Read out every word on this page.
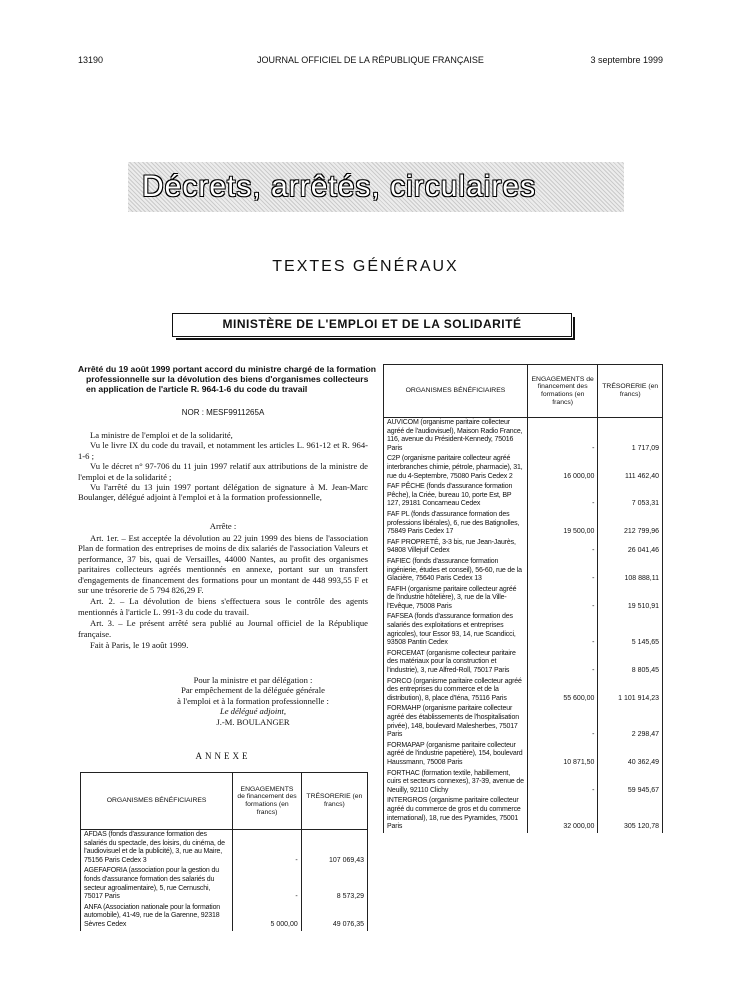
13190	JOURNAL OFFICIEL DE LA RÉPUBLIQUE FRANÇAISE	3 septembre 1999
Décrets, arrêtés, circulaires
TEXTES GÉNÉRAUX
MINISTÈRE DE L'EMPLOI ET DE LA SOLIDARITÉ
Arrêté du 19 août 1999 portant accord du ministre chargé de la formation professionnelle sur la dévolution des biens d'organismes collecteurs en application de l'article R. 964-1-6 du code du travail
NOR : MESF9911265A

La ministre de l'emploi et de la solidarité,

Vu le livre IX du code du travail, et notamment les articles L. 961-12 et R. 964-1-6 ;

Vu le décret n° 97-706 du 11 juin 1997 relatif aux attributions de la ministre de l'emploi et de la solidarité ;

Vu l'arrêté du 13 juin 1997 portant délégation de signature à M. Jean-Marc Boulanger, délégué adjoint à l'emploi et à la formation professionnelle,

Arrête :

Art. 1er. – Est acceptée la dévolution au 22 juin 1999 des biens de l'association Plan de formation des entreprises de moins de dix salariés de l'association Valeurs et performance, 37 bis, quai de Versailles, 44000 Nantes, au profit des organismes paritaires collecteurs agréés mentionnés en annexe, portant sur un transfert d'engagements de financement des formations pour un montant de 448 993,55 F et sur une trésorerie de 5 794 826,29 F.

Art. 2. – La dévolution de biens s'effectuera sous le contrôle des agents mentionnés à l'article L. 991-3 du code du travail.

Art. 3. – Le présent arrêté sera publié au Journal officiel de la République française.

Fait à Paris, le 19 août 1999.

Pour la ministre et par délégation :
Par empêchement de la déléguée générale
à l'emploi et à la formation professionnelle :
Le délégué adjoint,
J.-M. BOULANGER
ANNEXE
ORGANISMES BÉNÉFICIAIRES	ENGAGEMENTS de financement des formations (en francs)	TRÉSORERIE (en francs)
AFDAS (fonds d'assurance formation des salariés du spectacle, des loisirs, du cinéma, de l'audiovisuel et de la publicité), 3, rue au Maire, 75156 Paris Cedex 3	-	107 069,43
AGEFAFORIA (association pour la gestion du fonds d'assurance formation des salariés du secteur agroalimentaire), 5, rue Cernuschi, 75017 Paris	-	8 573,29
ANFA (Association nationale pour la formation automobile), 41-49, rue de la Garenne, 92318 Sèvres Cedex	5 000,00	49 076,35
ORGANISMES BÉNÉFICIAIRES	ENGAGEMENTS de financement des formations (en francs)	TRÉSORERIE (en francs)
AUVICOM (organisme paritaire collecteur agréé de l'audiovisuel), Maison Radio France, 116, avenue du Président-Kennedy, 75016 Paris	-	1 717,09
C2P (organisme paritaire collecteur agréé interbranches chimie, pétrole, pharmacie), 31, rue du 4-Septembre, 75080 Paris Cedex 2	16 000,00	111 462,40
FAF PÊCHE (fonds d'assurance formation Pêche), la Criée, bureau 10, porte Est, BP 127, 29181 Concarneau Cedex	-	7 053,31
FAF PL (fonds d'assurance formation des professions libérales), 6, rue des Batignolles, 75849 Paris Cedex 17	19 500,00	212 799,96
FAF PROPRETÉ, 3-3 bis, rue Jean-Jaurès, 94808 Villejuif Cedex	-	26 041,46
FAFIEC (fonds d'assurance formation ingénierie, études et conseil), 56-60, rue de la Glacière, 75640 Paris Cedex 13	-	108 888,11
FAFIH (organisme paritaire collecteur agréé de l'industrie hôtelière), 3, rue de la Ville-l'Evêque, 75008 Paris	-	19 510,91
FAFSEA (fonds d'assurance formation des salariés des exploitations et entreprises agricoles), tour Essor 93, 14, rue Scandicci, 93508 Pantin Cedex	-	5 145,65
FORCEMAT (organisme collecteur paritaire des matériaux pour la construction et l'industrie), 3, rue Alfred-Roll, 75017 Paris	-	8 805,45
FORCO (organisme paritaire collecteur agréé des entreprises du commerce et de la distribution), 8, place d'Iéna, 75116 Paris	55 600,00	1 101 914,23
FORMAHP (organisme paritaire collecteur agréé des établissements de l'hospitalisation privée), 148, boulevard Malesherbes, 75017 Paris	-	2 298,47
FORMAPAP (organisme paritaire collecteur agréé de l'industrie papetière), 154, boulevard Haussmann, 75008 Paris	10 871,50	40 362,49
FORTHAC (formation textile, habillement, cuirs et secteurs connexes), 37-39, avenue de Neuilly, 92110 Clichy	-	59 945,67
INTERGROS (organisme paritaire collecteur agréé du commerce de gros et du commerce international), 18, rue des Pyramides, 75001 Paris	32 000,00	305 120,78
